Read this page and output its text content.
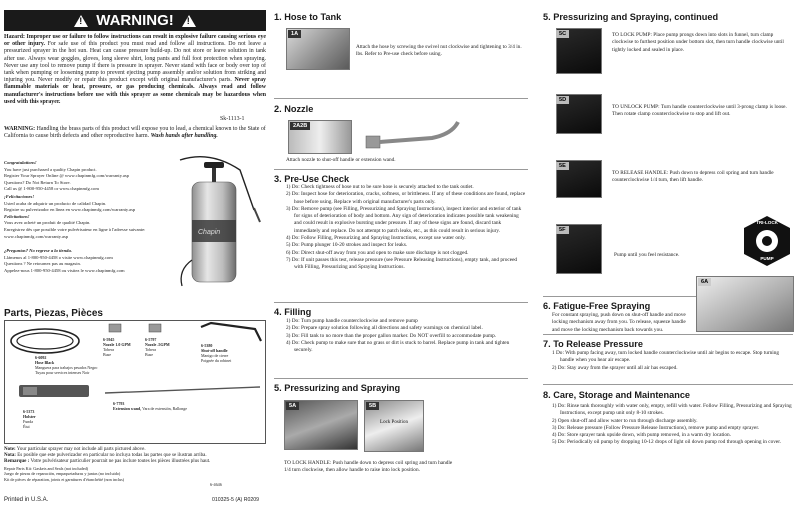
!
WARNING!
!
Hazard: Improper use or failure to follow instructions can result in explosive failure causing serious eye or other injury. For safe use of this product you must read and follow all instructions. Do not leave a pressurized sprayer in the hot sun. Heat can cause pressure build-up. Do not store or leave solution in tank after use. Always wear goggles, gloves, long sleeve shirt, long pants and full foot protection when spraying. Never use any tool to remove pump if there is pressure in sprayer. Never stand with face or body over top of tank when pumping or loosening pump to prevent ejecting pump assembly and/or solution from striking and injuring you. Never modify or repair this product except with original manufacturer's parts. Never spray flammable materials or heat, pressure, or gas producing chemicals. Always read and follow manufacturer's instructions before use with this sprayer as some chemicals may be hazardous when used with this sprayer.
Sk-1113-1
WARNING: Handling the brass parts of this product will expose you to lead, a chemical known to the State of California to cause birth defects and other reproductive harm. Wash hands after handling.
Congratulations!
You have just purchased a quality Chapin product.
Register Your Sprayer Online @ www.chapinmfg.com/warranty.asp
Questions? Do Not Return To Store.
Call us @ 1-800-950-4458 or www.chapinmfg.com
¡Felicitaciones!
Usted acaba de adquirir un producto de calidad Chapin.
Registre su pulverizador en línea en www.chapinmfg.com/warranty.asp
Felicitations!
Vous avez acheté un produit de qualité Chapin.
Enregistrez dès que possible votre pulvérisateur en ligne à l'adresse suivante: www.chapinmfg.com/warranty.asp
¿Preguntas? No regrese a la tienda.
Llámenos al 1-800-950-4458 o visite www.chapinmfg.com
Questions ? Ne retournez pas au magasin.
Appelez-nous 1-800-950-4458 ou visitez le www.chapinmfg.com
Chapin
Parts, Piezas, Pièces
6-5945
Nozzle 1.0 GPM
Tobera
Buse
6-5797
Nozzle .5GPM
Tobera
Buse
6-5380
Shut-off handle
Manigo de cierre
Poignée du robinet
6-6092
Hose Black
Manguera para trabajos pesados Negro
Tuyau pour services intenses Noir
6-5373
Holster
Funda
Étui
6-7793
Extension wand, Vara de extensión, Rallonge
Note: Your particular sprayer may not include all parts pictured above.
Nota: Es posible que este pulverizador en particular no incluya todas las partes que se ilustran arriba.
Remarque : Votre pulvérisateur particulier pourrait ne pas inclure toutes les pièces illustrées plus haut.
Repair Parts Kit: Gaskets and Seals (not included)
Juego de piezas de reparación, empaquetaduras y juntas (no incluido)
Kit de pièces de réparation, joints et garnitures d'étanchéité (non inclus)
6-4646
Printed in U.S.A.	010325-5 (A) R0209
1. Hose to Tank
1A
Attach the hose by screwing the swivel nut clockwise and tightening to 3/4 in. lbs. Refer to Pre-use check before using.
2. Nozzle
2A2B
Attach nozzle to shut-off handle or extension wand.
3. Pre-Use Check
1) Do: Check tightness of hose nut to be sure hose is securely attached to the tank outlet.
2) Do: Inspect hose for deterioration, cracks, softness, or brittleness. If any of these conditions are found, replace hose before using. Replace with original manufacturer's parts only.
3) Do: Remove pump (see Filling, Pressurizing and Spraying Instructions), inspect interior and exterior of tank for signs of deterioration of body and bottom. Any sign of deterioration indicates possible tank weakening and could result in explosive bursting under pressure. If any of these signs are found, discard tank immediately and replace. Do not attempt to patch leaks, etc., as this could result in serious injury.
4) Do: Follow Filling, Pressurizing and Spraying Instructions, except use water only.
5) Do: Pump plunger 10-20 strokes and inspect for leaks.
6) Do: Direct shut-off away from you and open to make sure discharge is not clogged.
7) Do: If unit passes this test, release pressure (see Pressure Releasing Instructions), empty tank, and proceed with Filling, Pressurizing and Spraying Instructions.
4. Filling
1) Do: Turn pump handle counterclockwise and remove pump
2) Do: Prepare spray solution following all directions and safety warnings on chemical label.
3) Do: Fill tank to no more than the proper gallon marker. Do NOT overfill to accommodate pump.
4) Do: Check pump to make sure that no grass or dirt is stuck to barrel. Replace pump in tank and tighten securely.
5. Pressurizing and Spraying
5A	5B
Lock Position
TO LOCK HANDLE: Push handle down to depress coil spring and turn handle 1/4 turn clockwise, then allow handle to raise into lock position.
5. Pressurizing and Spraying, continued
5C	TO LOCK PUMP: Place pump prongs down into slots in funnel, turn clamp clockwise to furthest position under bottom slot, then turn handle clockwise until tightly locked and sealed in place.
5D
TO UNLOCK PUMP: Turn handle counterclockwise until 3-prong clamp is loose. Then rotate clamp counterclockwise to stop and lift out.
5E
TO RELEASE HANDLE: Push down to depress coil spring and turn handle counterclockwise 1/4 turn, then lift handle.
5F
Pump until you feel resistance.
TRI-LOCK
PUMP
6. Fatigue-Free Spraying
For constant spraying, push down on shut-off handle and move locking mechanism away from you. To release, squeeze handle and move the locking mechanism back towards you.
6A
7. To Release Pressure
1 Do: With pump facing away, turn locked handle counterclockwise until air begins to escape. Stop turning handle when you hear air escape.
2) Do: Stay away from the sprayer until all air has escaped.
8. Care, Storage and Maintenance
1) Do: Rinse tank thoroughly with water only, empty, refill with water. Follow Filling, Pressurizing and Spraying Instructions, except pump unit only 8-10 strokes.
2) Open shut-off and allow water to run through discharge assembly.
3) Do: Release pressure (Follow Pressure Release Instructions), remove pump and empty sprayer.
4) Do: Store sprayer tank upside down, with pump removed, in a warm dry location.
5) Do: Periodically oil pump by dropping 10-12 drops of light oil down pump rod through opening in cover.
